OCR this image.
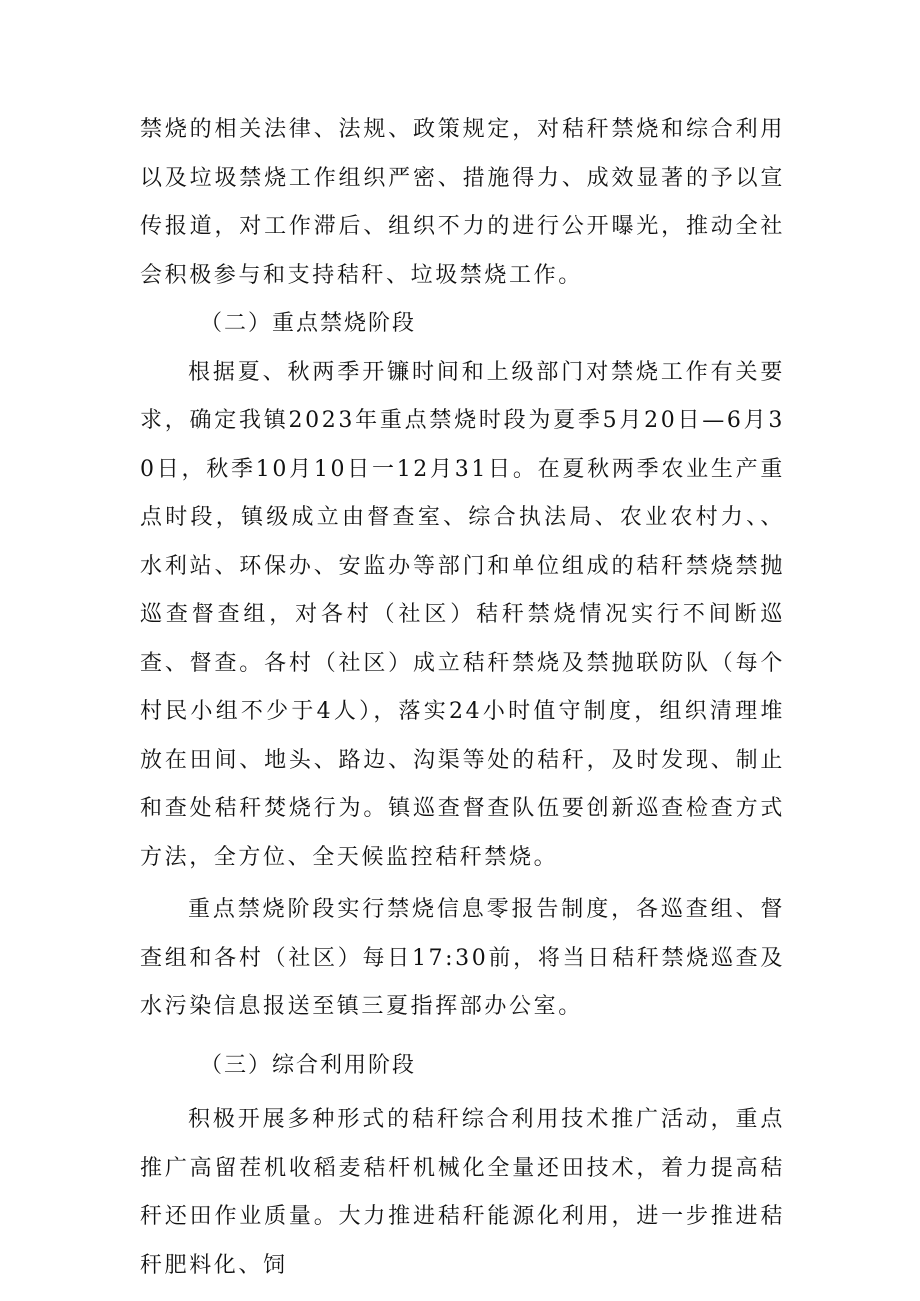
禁烧的相关法律、法规、政策规定，对秸秆禁烧和综合利用以及垃圾禁烧工作组织严密、措施得力、成效显著的予以宣传报道，对工作滞后、组织不力的进行公开曝光，推动全社会积极参与和支持秸秆、垃圾禁烧工作。

（二）重点禁烧阶段

根据夏、秋两季开镰时间和上级部门对禁烧工作有关要求，确定我镇2023年重点禁烧时段为夏季5月20日—6月30日，秋季10月10日一12月31日。在夏秋两季农业生产重点时段，镇级成立由督查室、综合执法局、农业农村力、、水利站、环保办、安监办等部门和单位组成的秸秆禁烧禁抛巡查督查组，对各村（社区）秸秆禁烧情况实行不间断巡查、督查。各村（社区）成立秸秆禁烧及禁抛联防队（每个村民小组不少于4人），落实24小时值守制度，组织清理堆放在田间、地头、路边、沟渠等处的秸秆，及时发现、制止和查处秸秆焚烧行为。镇巡查督查队伍要创新巡查检查方式方法，全方位、全天候监控秸秆禁烧。

重点禁烧阶段实行禁烧信息零报告制度，各巡查组、督查组和各村（社区）每日17:30前，将当日秸秆禁烧巡查及水污染信息报送至镇三夏指挥部办公室。

（三）综合利用阶段

积极开展多种形式的秸秆综合利用技术推广活动，重点推广高留茬机收稻麦秸杆机械化全量还田技术，着力提高秸秆还田作业质量。大力推进秸秆能源化利用，进一步推进秸秆肥料化、饲
